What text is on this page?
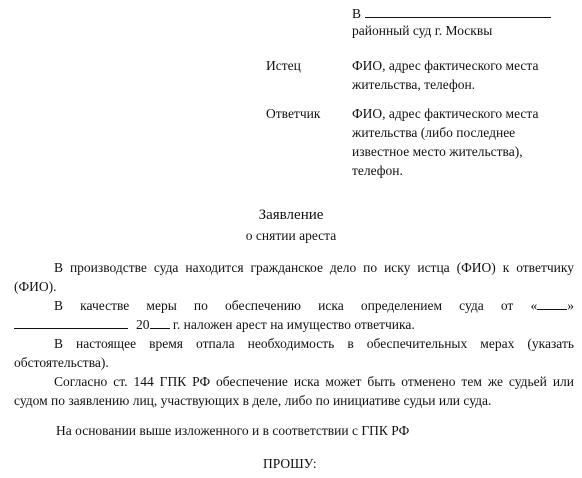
В
районный суд г. Москвы
Истец	ФИО, адрес фактического места жительства, телефон.
Ответчик ФИО, адрес фактического места жительства (либо последнее известное место жительства), телефон.
Заявление
о снятии ареста

В производстве суда находится гражданское дело по иску истца (ФИО) к ответчику (ФИО).

В качестве меры по обеспечению иска определением суда от « » 20 г. наложен арест на имущество ответчика.

В настоящее время отпала необходимость в обеспечительных мерах (указать обстоятельства).

Согласно ст. 144 ГПК РФ обеспечение иска может быть отменено тем же судьей или судом по заявлению лиц, участвующих в деле, либо по инициативе судьи или суда.

На основании выше изложенного и в соответствии с ГПК РФ
ПРОШУ:
